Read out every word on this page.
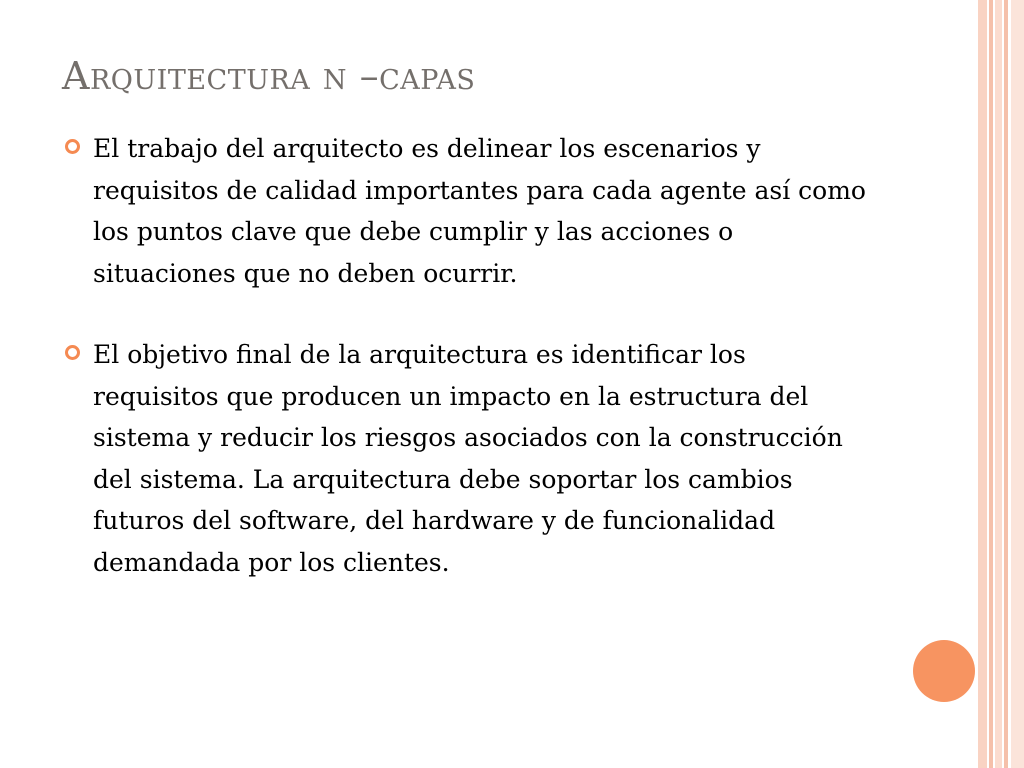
Arquitectura n –capas
El trabajo del arquitecto es delinear los escenarios y requisitos de calidad importantes para cada agente así como los puntos clave que debe cumplir y las acciones o situaciones que no deben ocurrir.
El objetivo final de la arquitectura es identificar los requisitos que producen un impacto en la estructura del sistema y reducir los riesgos asociados con la construcción del sistema. La arquitectura debe soportar los cambios futuros del software, del hardware y de funcionalidad demandada por los clientes.
